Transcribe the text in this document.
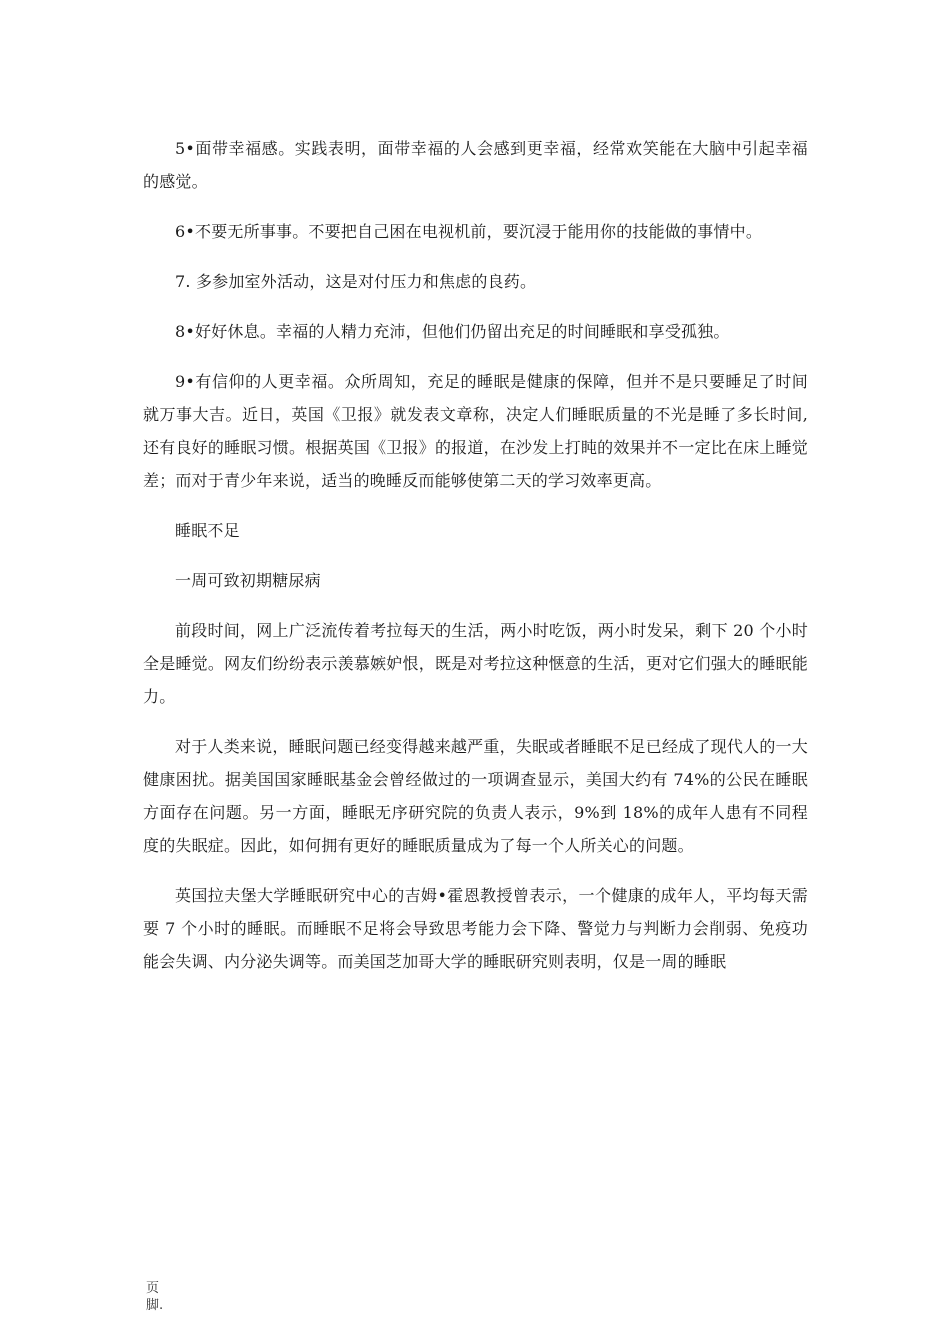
5•面带幸福感。实践表明，面带幸福的人会感到更幸福，经常欢笑能在大脑中引起幸福的感觉。

6•不要无所事事。不要把自己困在电视机前，要沉浸于能用你的技能做的事情中。

7. 多参加室外活动，这是对付压力和焦虑的良药。

8•好好休息。幸福的人精力充沛，但他们仍留出充足的时间睡眠和享受孤独。

9•有信仰的人更幸福。众所周知，充足的睡眠是健康的保障，但并不是只要睡足了时间就万事大吉。近日，英国《卫报》就发表文章称，决定人们睡眠质量的不光是睡了多长时间,还有良好的睡眠习惯。根据英国《卫报》的报道，在沙发上打盹的效果并不一定比在床上睡觉差；而对于青少年来说，适当的晚睡反而能够使第二天的学习效率更高。

睡眠不足

一周可致初期糖尿病

前段时间，网上广泛流传着考拉每天的生活，两小时吃饭，两小时发呆，剩下 20 个小时全是睡觉。网友们纷纷表示羡慕嫉妒恨，既是对考拉这种惬意的生活，更对它们强大的睡眠能力。

对于人类来说，睡眠问题已经变得越来越严重，失眠或者睡眠不足已经成了现代人的一大健康困扰。据美国国家睡眠基金会曾经做过的一项调查显示，美国大约有 74%的公民在睡眠方面存在问题。另一方面，睡眠无序研究院的负责人表示，9%到 18%的成年人患有不同程度的失眠症。因此，如何拥有更好的睡眠质量成为了每一个人所关心的问题。

英国拉夫堡大学睡眠研究中心的吉姆•霍恩教授曾表示，一个健康的成年人，平均每天需要 7 个小时的睡眠。而睡眠不足将会导致思考能力会下降、警觉力与判断力会削弱、免疫功能会失调、内分泌失调等。而美国芝加哥大学的睡眠研究则表明，仅是一周的睡眠

页
脚.
